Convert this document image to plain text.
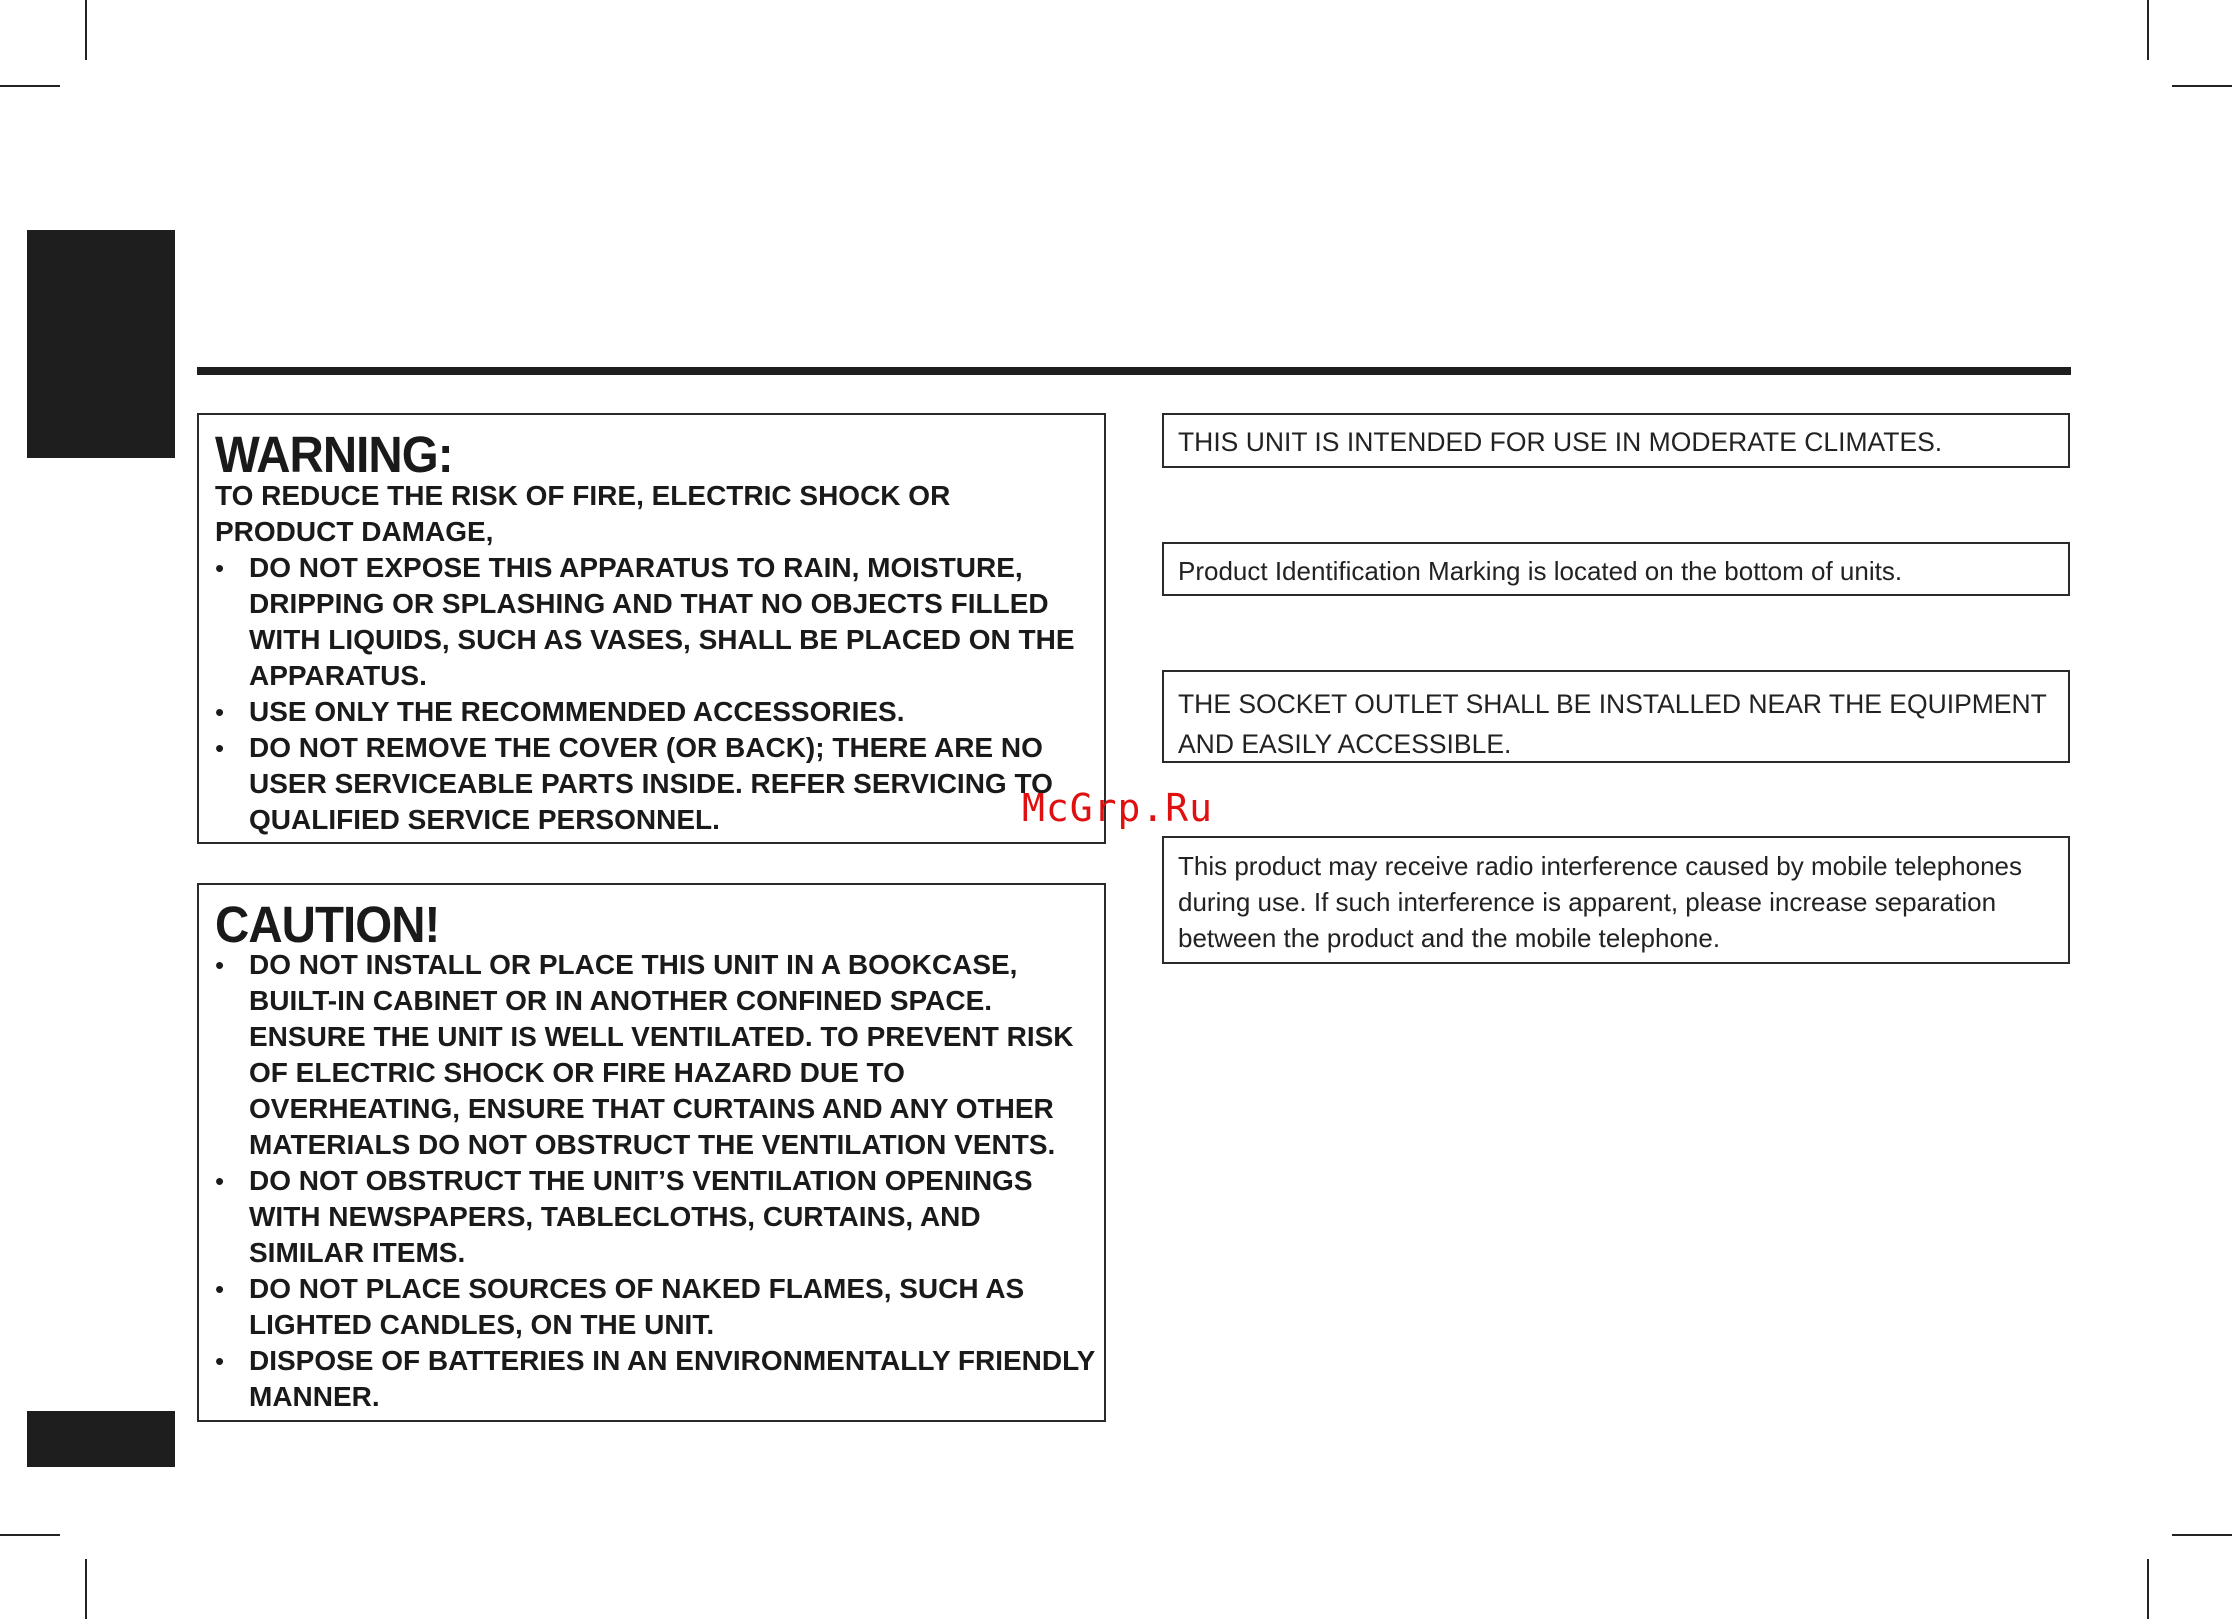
WARNING:
TO REDUCE THE RISK OF FIRE, ELECTRIC SHOCK OR PRODUCT DAMAGE,
• DO NOT EXPOSE THIS APPARATUS TO RAIN, MOISTURE, DRIPPING OR SPLASHING AND THAT NO OBJECTS FILLED WITH LIQUIDS, SUCH AS VASES, SHALL BE PLACED ON THE APPARATUS.
• USE ONLY THE RECOMMENDED ACCESSORIES.
• DO NOT REMOVE THE COVER (OR BACK); THERE ARE NO USER SERVICEABLE PARTS INSIDE. REFER SERVICING TO QUALIFIED SERVICE PERSONNEL.
CAUTION!
• DO NOT INSTALL OR PLACE THIS UNIT IN A BOOKCASE, BUILT-IN CABINET OR IN ANOTHER CONFINED SPACE. ENSURE THE UNIT IS WELL VENTILATED. TO PREVENT RISK OF ELECTRIC SHOCK OR FIRE HAZARD DUE TO OVERHEATING, ENSURE THAT CURTAINS AND ANY OTHER MATERIALS DO NOT OBSTRUCT THE VENTILATION VENTS.
• DO NOT OBSTRUCT THE UNIT’S VENTILATION OPENINGS WITH NEWSPAPERS, TABLECLOTHS, CURTAINS, AND SIMILAR ITEMS.
• DO NOT PLACE SOURCES OF NAKED FLAMES, SUCH AS LIGHTED CANDLES, ON THE UNIT.
• DISPOSE OF BATTERIES IN AN ENVIRONMENTALLY FRIENDLY MANNER.
THIS UNIT IS INTENDED FOR USE IN MODERATE CLIMATES.
Product Identification Marking is located on the bottom of units.
THE SOCKET OUTLET SHALL BE INSTALLED NEAR THE EQUIPMENT AND EASILY ACCESSIBLE.
This product may receive radio interference caused by mobile telephones during use. If such interference is apparent, please increase separation between the product and the mobile telephone.
McGrp.Ru
